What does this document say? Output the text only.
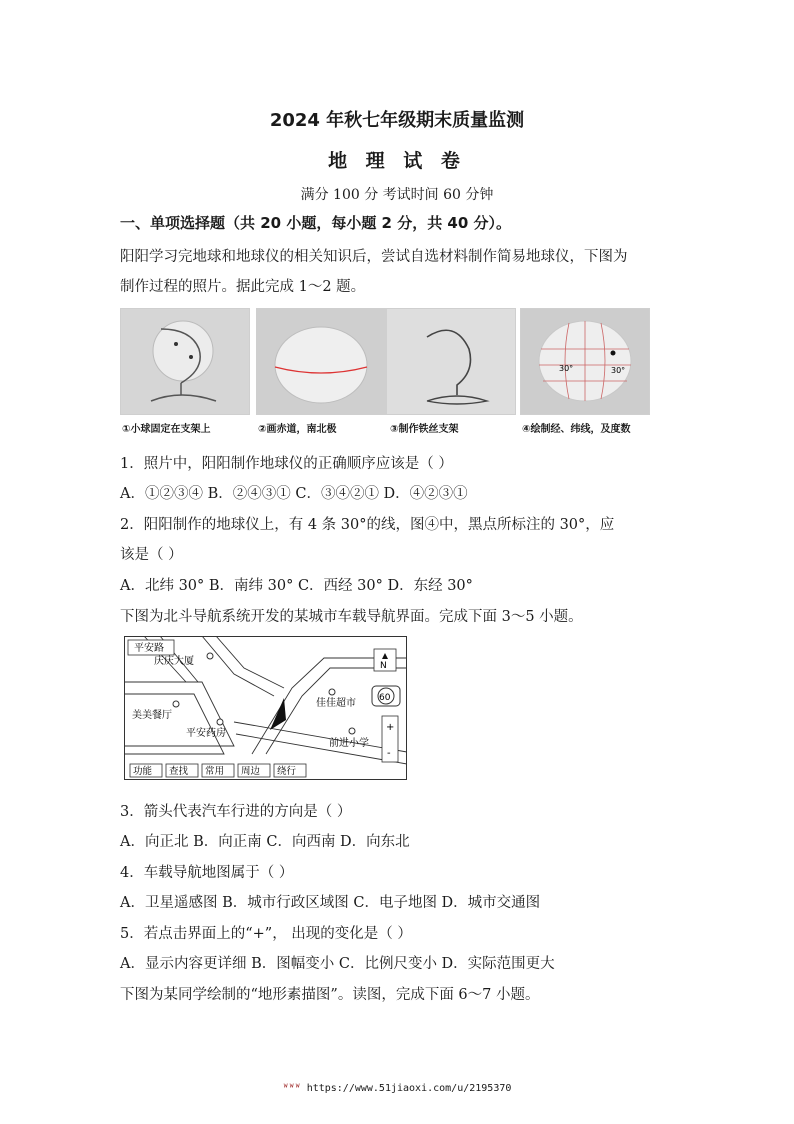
2024 年秋七年级期末质量监测
地 理 试 卷
满分 100 分 考试时间 60 分钟
一、单项选择题（共 20 小题，每小题 2 分，共 40 分）。
阳阳学习完地球和地球仪的相关知识后，尝试自选材料制作简易地球仪，下图为
制作过程的照片。据此完成 1～2 题。
30°	30°
①小球固定在支架上	②画赤道，南北极	③制作铁丝支架	④绘制经、纬线，及度数
1．照片中，阳阳制作地球仪的正确顺序应该是（ ）
A．①②③④ B．②④③① C．③④②① D．④②③①
2．阳阳制作的地球仪上，有 4 条 30°的线，图④中，黑点所标注的 30°，应
该是（ ）
A．北纬 30° B．南纬 30° C．西经 30° D．东经 30°
下图为北斗导航系统开发的某城市车载导航界面。完成下面 3～5 小题。
平安路
庆庆大厦
佳佳超市
美美餐厅
平安药房
前进小学
N
60
+
-
功能 查找 常用 周边 绕行
3．箭头代表汽车行进的方向是（ ）
A．向正北 B．向正南 C．向西南 D．向东北
4．车载导航地图属于（ ）
A．卫星遥感图 B．城市行政区域图 C．电子地图 D．城市交通图
5．若点击界面上的“+”， 出现的变化是（ ）
A．显示内容更详细 B．图幅变小 C．比例尺变小 D．实际范围更大
下图为某同学绘制的“地形素描图”。读图，完成下面 6～7 小题。
ᵂᵂᵂ https://www.51jiaoxi.com/u/2195370
